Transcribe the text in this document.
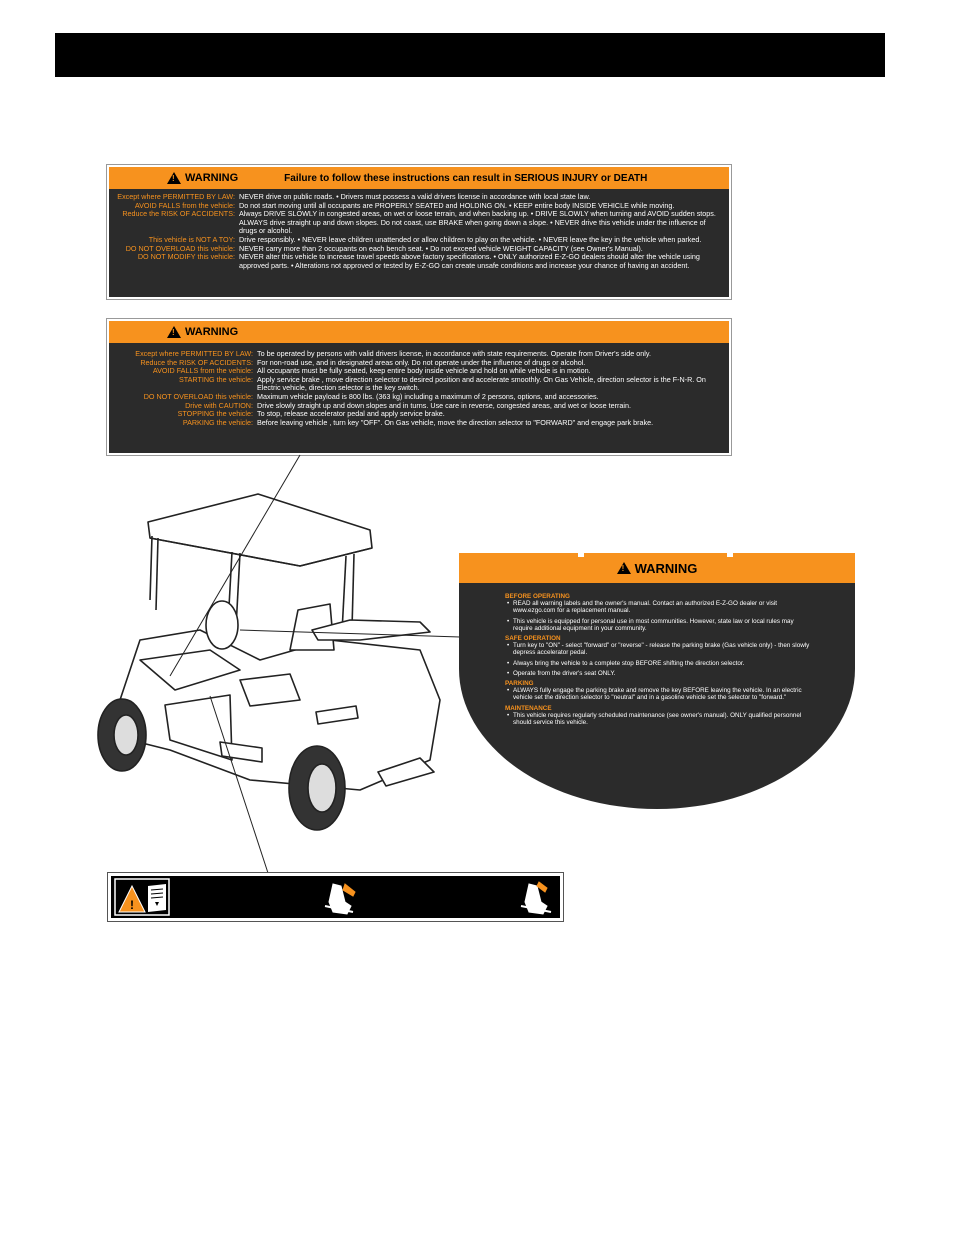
!
WARNING	Failure to follow these instructions can result in SERIOUS INJURY or DEATH
Except where PERMITTED BY LAW: NEVER drive on public roads. • Drivers must possess a valid drivers license in accordance with local state law.
AVOID FALLS from the vehicle: Do not start moving until all occupants are PROPERLY SEATED and HOLDING ON. • KEEP entire body INSIDE VEHICLE while moving.
Reduce the RISK OF ACCIDENTS: Always DRIVE SLOWLY in congested areas, on wet or loose terrain, and when backing up. • DRIVE SLOWLY when turning and AVOID sudden stops. ALWAYS drive straight up and down slopes. Do not coast, use BRAKE when going down a slope. • NEVER drive this vehicle under the influence of drugs or alcohol.
This vehicle is NOT A TOY: Drive responsibly. • NEVER leave children unattended or allow children to play on the vehicle. • NEVER leave the key in the vehicle when parked.
DO NOT OVERLOAD this vehicle: NEVER carry more than 2 occupants on each bench seat. • Do not exceed vehicle WEIGHT CAPACITY (see Owner's Manual).
DO NOT MODIFY this vehicle: NEVER alter this vehicle to increase travel speeds above factory specifications. • ONLY authorized E-Z-GO dealers should alter the vehicle using approved parts. • Alterations not approved or tested by E-Z-GO can create unsafe conditions and increase your chance of having an accident.
!
WARNING
Except where PERMITTED BY LAW: To be operated by persons with valid drivers license, in accordance with state requirements. Operate from Driver's side only.
Reduce the RISK OF ACCIDENTS: For non-road use, and in designated areas only. Do not operate under the influence of drugs or alcohol.
AVOID FALLS from the vehicle: All occupants must be fully seated, keep entire body inside vehicle and hold on while vehicle is in motion.
STARTING the vehicle: Apply service brake , move direction selector to desired position and accelerate smoothly. On Gas Vehicle, direction selector is the F-N-R. On Electric vehicle, direction selector is the key switch.
DO NOT OVERLOAD this vehicle: Maximum vehicle payload is 800 lbs. (363 kg) including a maximum of 2 persons, options, and accessories.
Drive with CAUTION: Drive slowly straight up and down slopes and in turns. Use care in reverse, congested areas, and wet or loose terrain.
STOPPING the vehicle: To stop, release accelerator pedal and apply service brake.
PARKING the vehicle: Before leaving vehicle , turn key "OFF". On Gas vehicle, move the direction selector to "FORWARD" and engage park brake.
!
WARNING
BEFORE OPERATING
• READ all warning labels and the owner's manual. Contact an authorized E-Z-GO dealer or visit www.ezgo.com for a replacement manual.
• This vehicle is equipped for personal use in most communities. However, state law or local rules may require additional equipment in your community.
SAFE OPERATION
• Turn key to "ON" - select "forward" or "reverse" - release the parking brake (Gas vehicle only) - then slowly depress accelerator pedal.
• Always bring the vehicle to a complete stop BEFORE shifting the direction selector.
• Operate from the driver's seat ONLY.
PARKING
• ALWAYS fully engage the parking brake and remove the key BEFORE leaving the vehicle. In an electric vehicle set the direction selector to "neutral" and in a gasoline vehicle set the selector to "forward."
MAINTENANCE
• This vehicle requires regularly scheduled maintenance (see owner's manual). ONLY qualified personnel should service this vehicle.
!
